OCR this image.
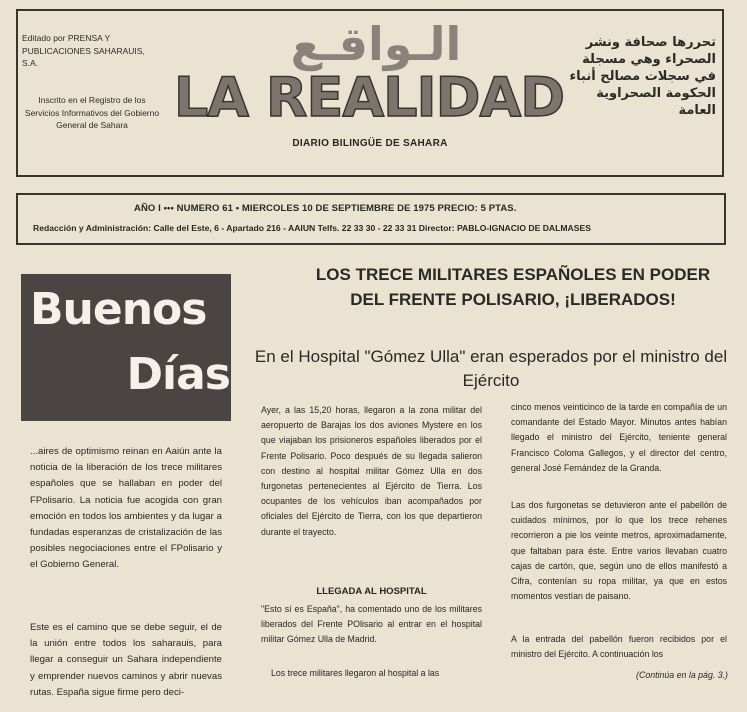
Editado por PRENSA Y PUBLICACIONES SAHARAUIS, S.A.
Inscrito en el Registro de los Servicios Informativos del Gobierno General de Sahara
الـواقـع
LA REALIDAD
DIARIO BILINGÜE DE SAHARA
تحررها صحافة ونشر الصحراء وهي مسجلة في سجلات مصالح أنباء الحكومة الصحراوية العامة
AÑO I ••• NUMERO 61 • MIERCOLES 10 DE SEPTIEMBRE DE 1975 PRECIO: 5 PTAS.
Redacción y Administración: Calle del Este, 6 - Apartado 216 - AAIUN Telfs. 22 33 30 - 22 33 31 Director: PABLO-IGNACIO DE DALMASES
Buenos
Días

...aires de optimismo reinan en Aaiún ante la noticia de la liberación de los trece militares españoles que se hallaban en poder del FPolisario. La noticia fue acogida con gran emoción en todos los ambientes y da lugar a fundadas esperanzas de cristalización de las posibles negociaciones entre el FPolisario y el Gobierno General.

Este es el camino que se debe seguir, el de la unión entre todos los saharauis, para llegar a conseguir un Sahara independiente y emprender nuevos caminos y abrir nuevas rutas. España sigue firme pero deci-

LOS TRECE MILITARES ESPAÑOLES EN PODER DEL FRENTE POLISARIO, ¡LIBERADOS!
En el Hospital "Gómez Ulla" eran esperados por el ministro del Ejército

Ayer, a las 15,20 horas, llegaron a la zona militar del aeropuerto de Barajas los dos aviones Mystere en los que viajaban los prisioneros españoles liberados por el Frente Polisario. Poco después de su llegada salieron con destino al hospital militar Gómez Ulla en dos furgonetas pertenecientes al Ejército de Tierra. Los ocupantes de los vehículos iban acompañados por oficiales del Ejército de Tierra, con los que departieron durante el trayecto.

LLEGADA AL HOSPITAL

"Esto sí es España", ha comentado uno de los militares liberados del Frente POlisario al entrar en el hospital militar Gómez Ulla de Madrid.

Los trece militares llegaron al hospital a las

cinco menos veinticinco de la tarde en compañía de un comandante del Estado Mayor. Minutos antes habían llegado el ministro del Ejército, teniente general Francisco Coloma Gallegos, y el director del centro, general José Fernández de la Granda.

Las dos furgonetas se detuvieron ante el pabellón de cuidados mínimos, por lo que los trece rehenes recorrieron a pie los veinte metros, aproximadamente, que faltaban para éste. Entre varios llevaban cuatro cajas de cartón, que, según uno de ellos manifestó a Cifra, contenían su ropa militar, ya que en estos momentos vestían de paisano.

A la entrada del pabellón fueron recibidos por el ministro del Ejército. A continuación los

(Continúa en la pág. 3.)
